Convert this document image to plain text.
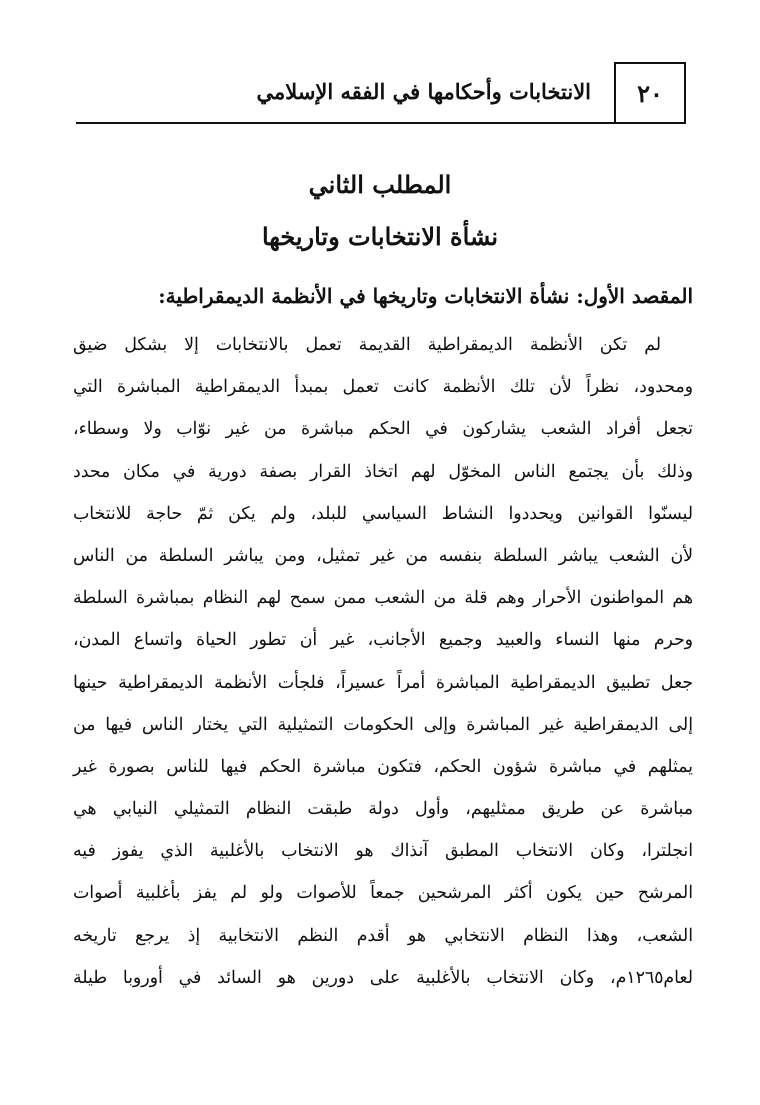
الانتخابات وأحكامها في الفقه الإسلامي	٢٠
المطلب الثاني
نشأة الانتخابات وتاريخها
المقصد الأول: نشأة الانتخابات وتاريخها في الأنظمة الديمقراطية:
لم تكن الأنظمة الديمقراطية القديمة تعمل بالانتخابات إلا بشكل ضيق
ومحدود، نظراً لأن تلك الأنظمة كانت تعمل بمبدأ الديمقراطية المباشرة التي
تجعل أفراد الشعب يشاركون في الحكم مباشرة من غير نوّاب ولا وسطاء،
وذلك بأن يجتمع الناس المخوّل لهم اتخاذ القرار بصفة دورية في مكان محدد
ليسنّوا القوانين ويحددوا النشاط السياسي للبلد، ولم يكن ثمّ حاجة للانتخاب
لأن الشعب يباشر السلطة بنفسه من غير تمثيل، ومن يباشر السلطة من الناس
هم المواطنون الأحرار وهم قلة من الشعب ممن سمح لهم النظام بمباشرة السلطة
وحرم منها النساء والعبيد وجميع الأجانب، غير أن تطور الحياة واتساع المدن،
جعل تطبيق الديمقراطية المباشرة أمراً عسيراً، فلجأت الأنظمة الديمقراطية حينها
إلى الديمقراطية غير المباشرة وإلى الحكومات التمثيلية التي يختار الناس فيها من
يمثلهم في مباشرة شؤون الحكم، فتكون مباشرة الحكم فيها للناس بصورة غير
مباشرة عن طريق ممثليهم، وأول دولة طبقت النظام التمثيلي النيابي هي
انجلترا، وكان الانتخاب المطبق آنذاك هو الانتخاب بالأغلبية الذي يفوز فيه
المرشح حين يكون أكثر المرشحين جمعاً للأصوات ولو لم يفز بأغلبية أصوات
الشعب، وهذا النظام الانتخابي هو أقدم النظم الانتخابية إذ يرجع تاريخه
لعام١٢٦٥م، وكان الانتخاب بالأغلبية على دورين هو السائد في أوروبا طيلة
